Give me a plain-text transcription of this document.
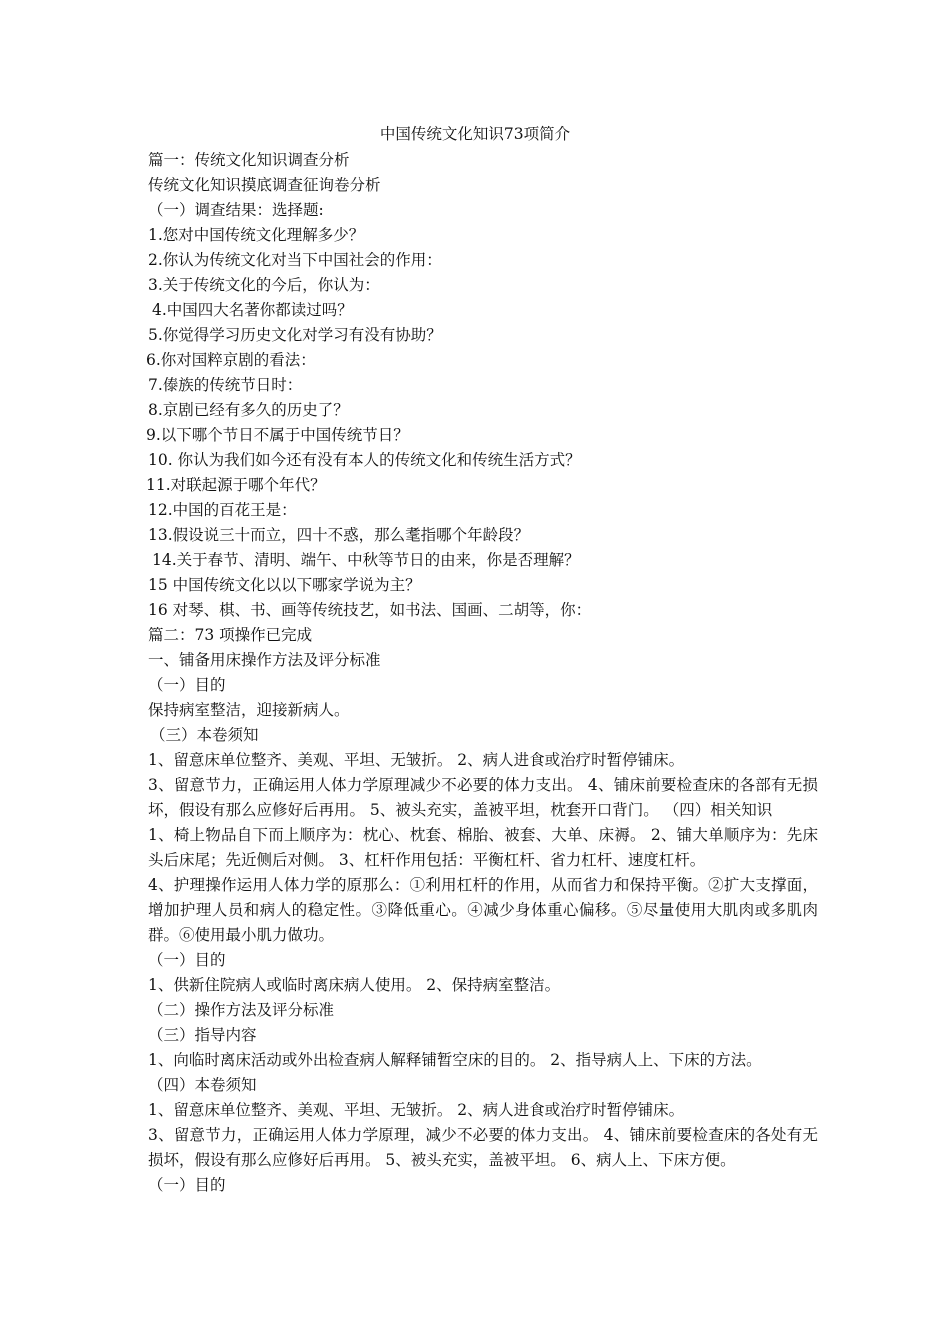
中国传统文化知识73项简介
篇一：传统文化知识调查分析
传统文化知识摸底调查征询卷分析
（一）调查结果：选择题:
1.您对中国传统文化理解多少？
2.你认为传统文化对当下中国社会的作用：
3.关于传统文化的今后，你认为：
4.中国四大名著你都读过吗？
5.你觉得学习历史文化对学习有没有协助？
6.你对国粹京剧的看法：
7.傣族的传统节日时：
8.京剧已经有多久的历史了？
9.以下哪个节日不属于中国传统节日？
10. 你认为我们如今还有没有本人的传统文化和传统生活方式？
11.对联起源于哪个年代？
12.中国的百花王是：
13.假设说三十而立，四十不惑，那么耄指哪个年龄段？
14.关于春节、清明、端午、中秋等节日的由来，你是否理解？
15 中国传统文化以以下哪家学说为主？
16 对琴、棋、书、画等传统技艺，如书法、国画、二胡等，你：
篇二：73 项操作已完成
一、铺备用床操作方法及评分标准
（一）目的
保持病室整洁，迎接新病人。
（三）本卷须知
1、留意床单位整齐、美观、平坦、无皱折。 2、病人进食或治疗时暂停铺床。
3、留意节力，正确运用人体力学原理减少不必要的体力支出。 4、铺床前要检查床的各部有无损坏，假设有那么应修好后再用。 5、被头充实，盖被平坦，枕套开口背门。 （四）相关知识
1、椅上物品自下而上顺序为：枕心、枕套、棉胎、被套、大单、床褥。 2、铺大单顺序为：先床头后床尾；先近侧后对侧。 3、杠杆作用包括：平衡杠杆、省力杠杆、速度杠杆。
4、护理操作运用人体力学的原那么：①利用杠杆的作用，从而省力和保持平衡。②扩大支撑面，增加护理人员和病人的稳定性。③降低重心。④减少身体重心偏移。⑤尽量使用大肌肉或多肌肉群。⑥使用最小肌力做功。
（一）目的
1、供新住院病人或临时离床病人使用。 2、保持病室整洁。
（二）操作方法及评分标准
（三）指导内容
1、向临时离床活动或外出检查病人解释铺暂空床的目的。 2、指导病人上、下床的方法。
（四）本卷须知
1、留意床单位整齐、美观、平坦、无皱折。 2、病人进食或治疗时暂停铺床。
3、留意节力，正确运用人体力学原理，减少不必要的体力支出。 4、铺床前要检查床的各处有无损坏，假设有那么应修好后再用。 5、被头充实，盖被平坦。 6、病人上、下床方便。
（一）目的
